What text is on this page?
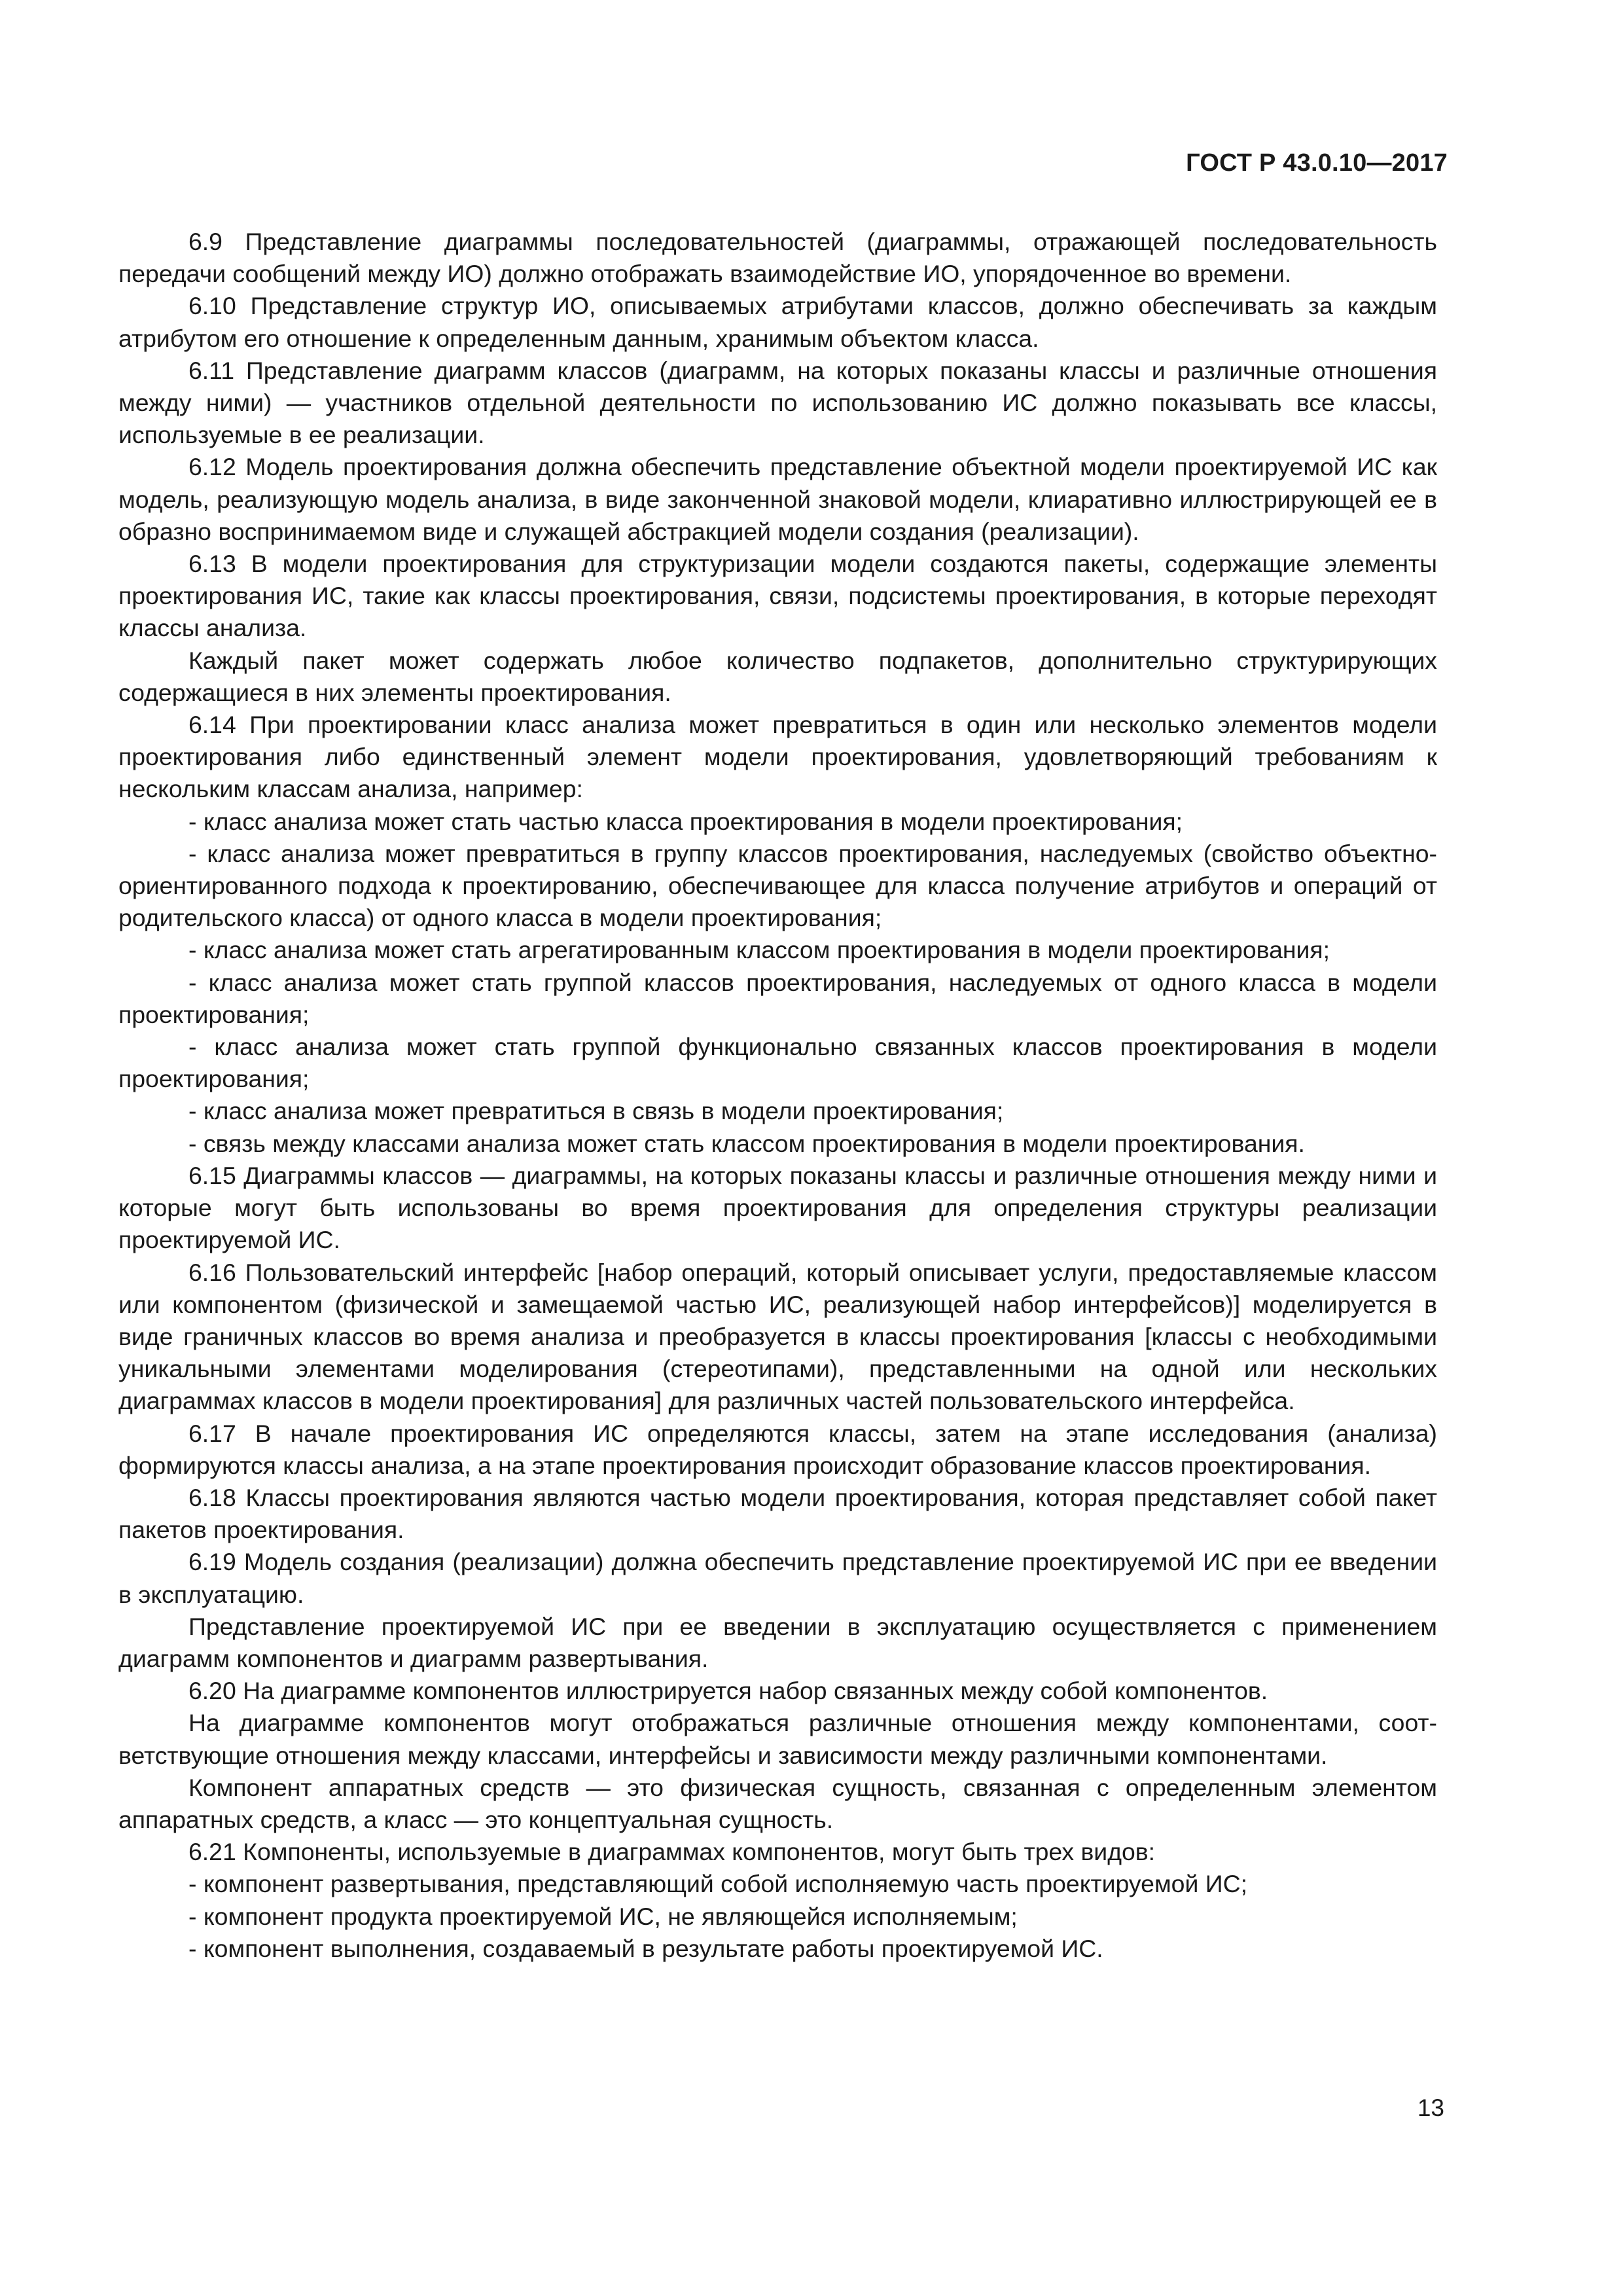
ГОСТ Р 43.0.10—2017

6.9 Представление диаграммы последовательностей (диаграммы, отражающей последовательность передачи сообщений между ИО) должно отображать взаимодействие ИО, упорядоченное во времени.

6.10 Представление структур ИО, описываемых атрибутами классов, должно обеспечивать за каждым атрибутом его отношение к определенным данным, хранимым объектом класса.

6.11 Представление диаграмм классов (диаграмм, на которых показаны классы и различные отношения между ними) — участников отдельной деятельности по использованию ИС должно показывать все классы, используемые в ее реализации.

6.12 Модель проектирования должна обеспечить представление объектной модели проектируемой ИС как модель, реализующую модель анализа, в виде законченной знаковой модели, клиаративно иллюстрирующей ее в образно воспринимаемом виде и служащей абстракцией модели создания (реализации).

6.13 В модели проектирования для структуризации модели создаются пакеты, содержащие элементы проектирования ИС, такие как классы проектирования, связи, подсистемы проектирования, в которые переходят классы анализа.

Каждый пакет может содержать любое количество подпакетов, дополнительно структурирующих содержащиеся в них элементы проектирования.

6.14 При проектировании класс анализа может превратиться в один или несколько элементов модели проектирования либо единственный элемент модели проектирования, удовлетворяющий требованиям к нескольким классам анализа, например:

- класс анализа может стать частью класса проектирования в модели проектирования;

- класс анализа может превратиться в группу классов проектирования, наследуемых (свойство объектно-ориентированного подхода к проектированию, обеспечивающее для класса получение атрибутов и операций от родительского класса) от одного класса в модели проектирования;

- класс анализа может стать агрегатированным классом проектирования в модели проектирования;

- класс анализа может стать группой классов проектирования, наследуемых от одного класса в модели проектирования;

- класс анализа может стать группой функционально связанных классов проектирования в модели проектирования;

- класс анализа может превратиться в связь в модели проектирования;

- связь между классами анализа может стать классом проектирования в модели проектирования.

6.15 Диаграммы классов — диаграммы, на которых показаны классы и различные отношения между ними и которые могут быть использованы во время проектирования для определения структуры реализации проектируемой ИС.

6.16 Пользовательский интерфейс [набор операций, который описывает услуги, предоставляемые классом или компонентом (физической и замещаемой частью ИС, реализующей набор интерфейсов)] моделируется в виде граничных классов во время анализа и преобразуется в классы проектирования [классы с необходимыми уникальными элементами моделирования (стереотипами), представленными на одной или нескольких диаграммах классов в модели проектирования] для различных частей пользовательского интерфейса.

6.17 В начале проектирования ИС определяются классы, затем на этапе исследования (анализа) формируются классы анализа, а на этапе проектирования происходит образование классов проектирования.

6.18 Классы проектирования являются частью модели проектирования, которая представляет собой пакет пакетов проектирования.

6.19 Модель создания (реализации) должна обеспечить представление проектируемой ИС при ее введении в эксплуатацию.

Представление проектируемой ИС при ее введении в эксплуатацию осуществляется с применением диаграмм компонентов и диаграмм развертывания.

6.20 На диаграмме компонентов иллюстрируется набор связанных между собой компонентов.

На диаграмме компонентов могут отображаться различные отношения между компонентами, соответствующие отношения между классами, интерфейсы и зависимости между различными компонентами.

Компонент аппаратных средств — это физическая сущность, связанная с определенным элементом аппаратных средств, а класс — это концептуальная сущность.

6.21 Компоненты, используемые в диаграммах компонентов, могут быть трех видов:

- компонент развертывания, представляющий собой исполняемую часть проектируемой ИС;

- компонент продукта проектируемой ИС, не являющейся исполняемым;

- компонент выполнения, создаваемый в результате работы проектируемой ИС.

13
